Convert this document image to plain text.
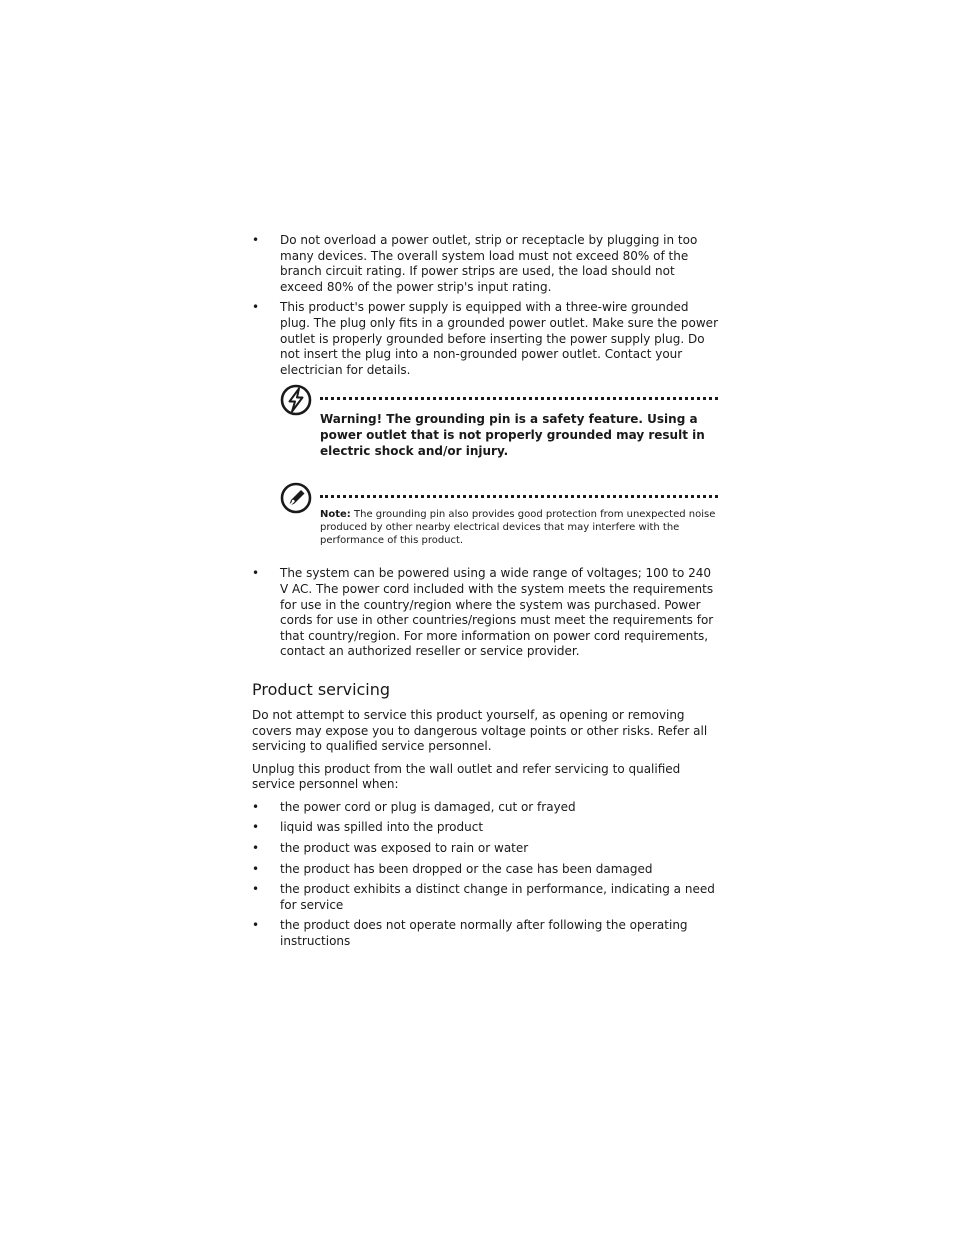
• Do not overload a power outlet, strip or receptacle by plugging in too many devices. The overall system load must not exceed 80% of the branch circuit rating. If power strips are used, the load should not exceed 80% of the power strip's input rating.
• This product's power supply is equipped with a three-wire grounded plug. The plug only fits in a grounded power outlet. Make sure the power outlet is properly grounded before inserting the power supply plug. Do not insert the plug into a non-grounded power outlet. Contact your electrician for details.
Warning! The grounding pin is a safety feature. Using a power outlet that is not properly grounded may result in electric shock and/or injury.
Note: The grounding pin also provides good protection from unexpected noise produced by other nearby electrical devices that may interfere with the performance of this product.
• The system can be powered using a wide range of voltages; 100 to 240 V AC. The power cord included with the system meets the requirements for use in the country/region where the system was purchased. Power cords for use in other countries/regions must meet the requirements for that country/region. For more information on power cord requirements, contact an authorized reseller or service provider.
Product servicing

Do not attempt to service this product yourself, as opening or removing covers may expose you to dangerous voltage points or other risks. Refer all servicing to qualified service personnel.

Unplug this product from the wall outlet and refer servicing to qualified service personnel when:

• the power cord or plug is damaged, cut or frayed
• liquid was spilled into the product
• the product was exposed to rain or water
• the product has been dropped or the case has been damaged
• the product exhibits a distinct change in performance, indicating a need for service
• the product does not operate normally after following the operating instructions
